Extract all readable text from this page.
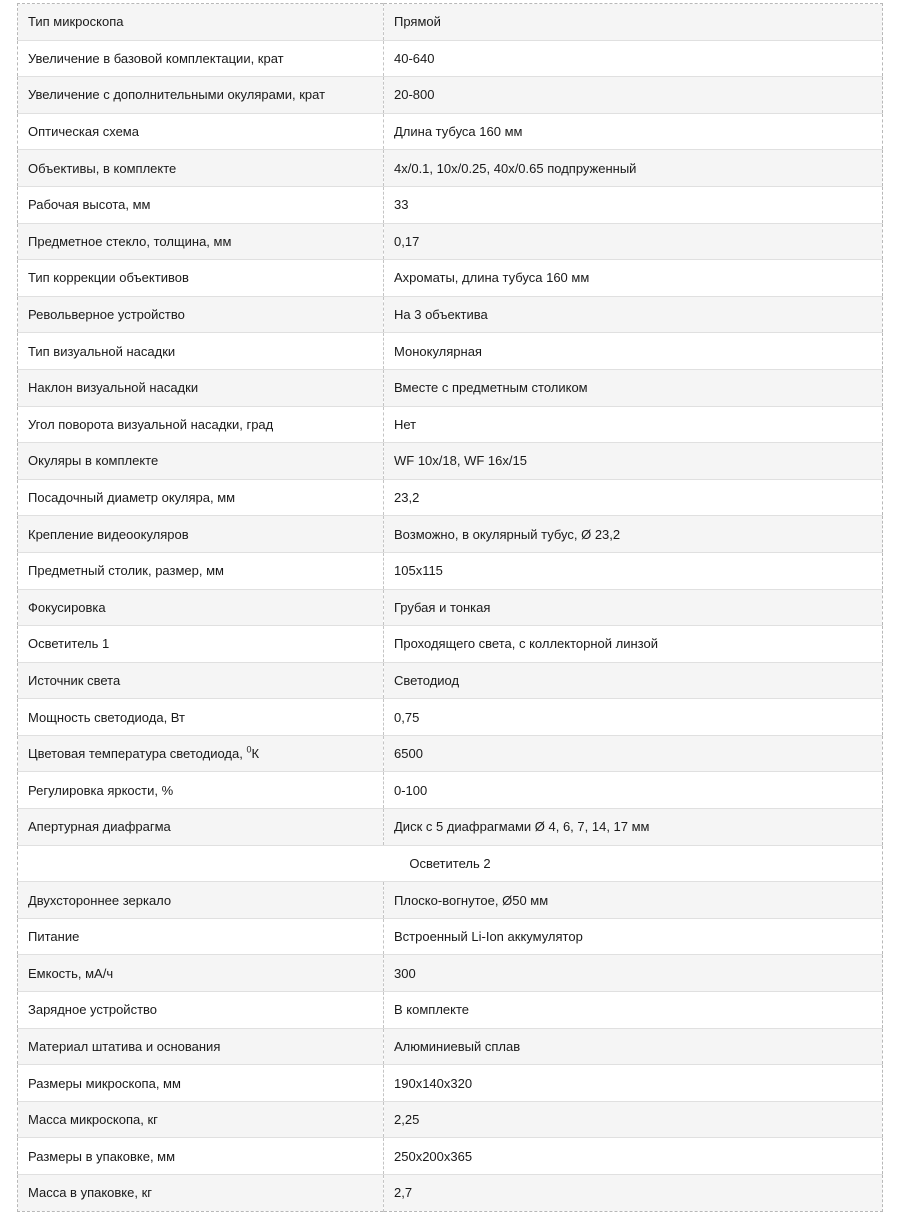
Тип микроскопа	Прямой
Увеличение в базовой комплектации, крат	40-640
Увеличение с дополнительными окулярами, крат	20-800
Оптическая схема	Длина тубуса 160 мм
Объективы, в комплекте	4x/0.1, 10x/0.25, 40x/0.65 подпруженный
Рабочая высота, мм	33
Предметное стекло, толщина, мм	0,17
Тип коррекции объективов	Ахроматы, длина тубуса 160 мм
Револьверное устройство	На 3 объектива
Тип визуальной насадки	Монокулярная
Наклон визуальной насадки	Вместе с предметным столиком
Угол поворота визуальной насадки, град	Нет
Окуляры в комплекте	WF 10x/18, WF 16x/15
Посадочный диаметр окуляра, мм	23,2
Крепление видеоокуляров	Возможно, в окулярный тубус, Ø 23,2
Предметный столик, размер, мм	105x115
Фокусировка	Грубая и тонкая
Осветитель 1	Проходящего света, с коллекторной линзой
Источник света	Светодиод
Мощность светодиода, Вт	0,75
Цветовая температура светодиода, $^0$К	6500
Регулировка яркости, %	0-100
Апертурная диафрагма	Диск с 5 диафрагмами Ø 4, 6, 7, 14, 17 мм
Осветитель 2	
Двухстороннее зеркало	Плоско-вогнутое, Ø50 мм
Питание	Встроенный Li-Ion аккумулятор
Емкость, мА/ч	300
Зарядное устройство	В комплекте
Материал штатива и основания	Алюминиевый сплав
Размеры микроскопа, мм	190x140x320
Масса микроскопа, кг	2,25
Размеры в упаковке, мм	250x200x365
Масса в упаковке, кг	2,7
